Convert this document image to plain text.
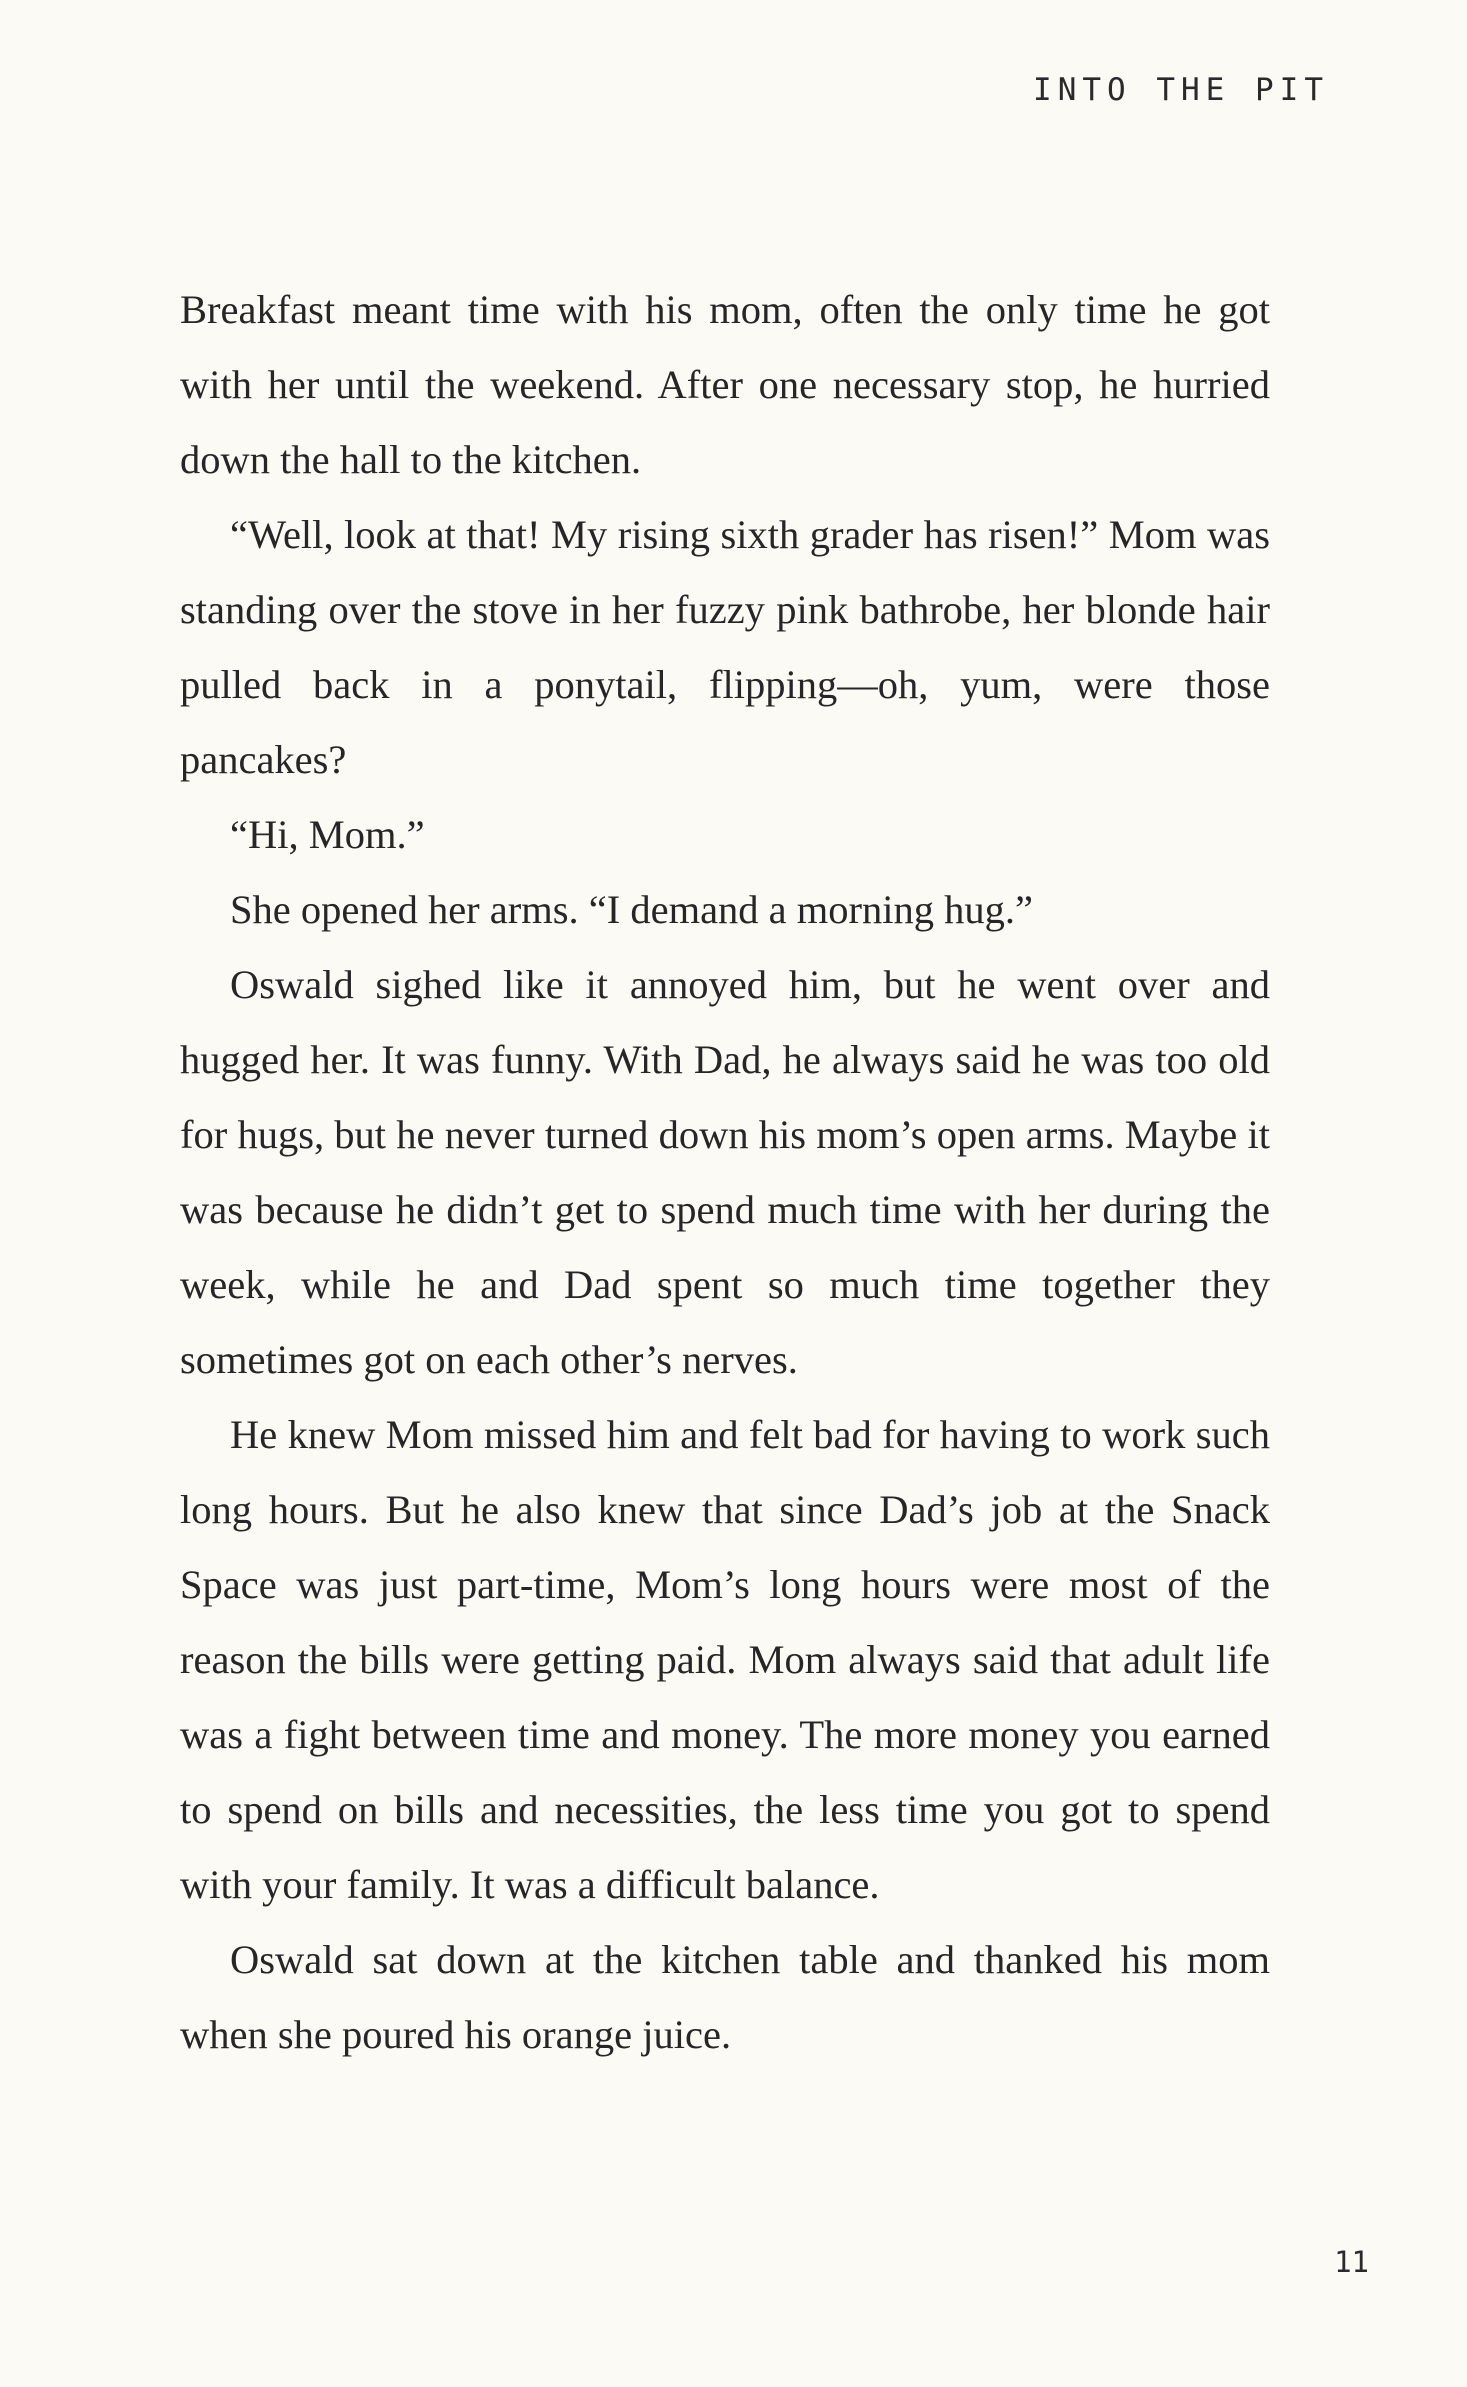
INTO THE PIT

Breakfast meant time with his mom, often the only time he got with her until the weekend. After one necessary stop, he hurried down the hall to the kitchen.

“Well, look at that! My rising sixth grader has risen!” Mom was standing over the stove in her fuzzy pink bathrobe, her blonde hair pulled back in a ponytail, flipping—oh, yum, were those pancakes?

“Hi, Mom.”

She opened her arms. “I demand a morning hug.”

Oswald sighed like it annoyed him, but he went over and hugged her. It was funny. With Dad, he always said he was too old for hugs, but he never turned down his mom’s open arms. Maybe it was because he didn’t get to spend much time with her during the week, while he and Dad spent so much time together they sometimes got on each other’s nerves.

He knew Mom missed him and felt bad for having to work such long hours. But he also knew that since Dad’s job at the Snack Space was just part-time, Mom’s long hours were most of the reason the bills were getting paid. Mom always said that adult life was a fight between time and money. The more money you earned to spend on bills and necessities, the less time you got to spend with your family. It was a difficult balance.

Oswald sat down at the kitchen table and thanked his mom when she poured his orange juice.

11
